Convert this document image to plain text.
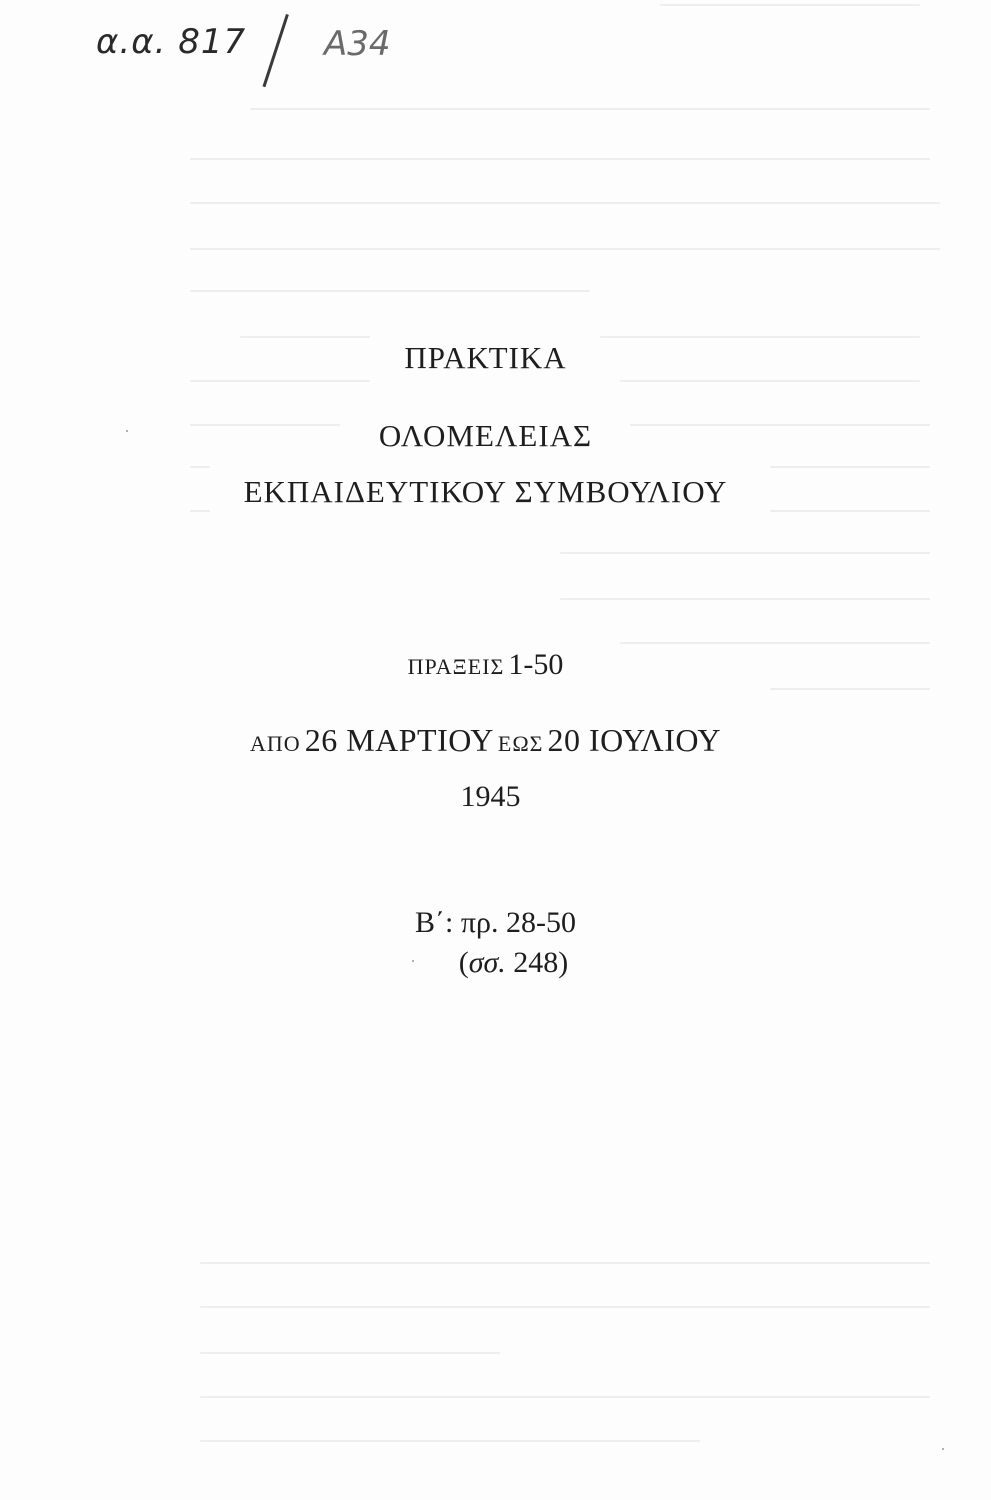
α.α. 817 Α34
ΠΡΑΚΤΙΚΑ
ΟΛΟΜΕΛΕΙΑΣ
ΕΚΠΑΙΔΕΥΤΙΚΟΥ ΣΥΜΒΟΥΛΙΟΥ
ΠΡΑΞΕΙΣ 1-50
ΑΠΟ 26 ΜΑΡΤΙΟΥ ΕΩΣ 20 ΙΟΥΛΙΟΥ
1945
Β΄: πρ. 28-50
(σσ. 248)
